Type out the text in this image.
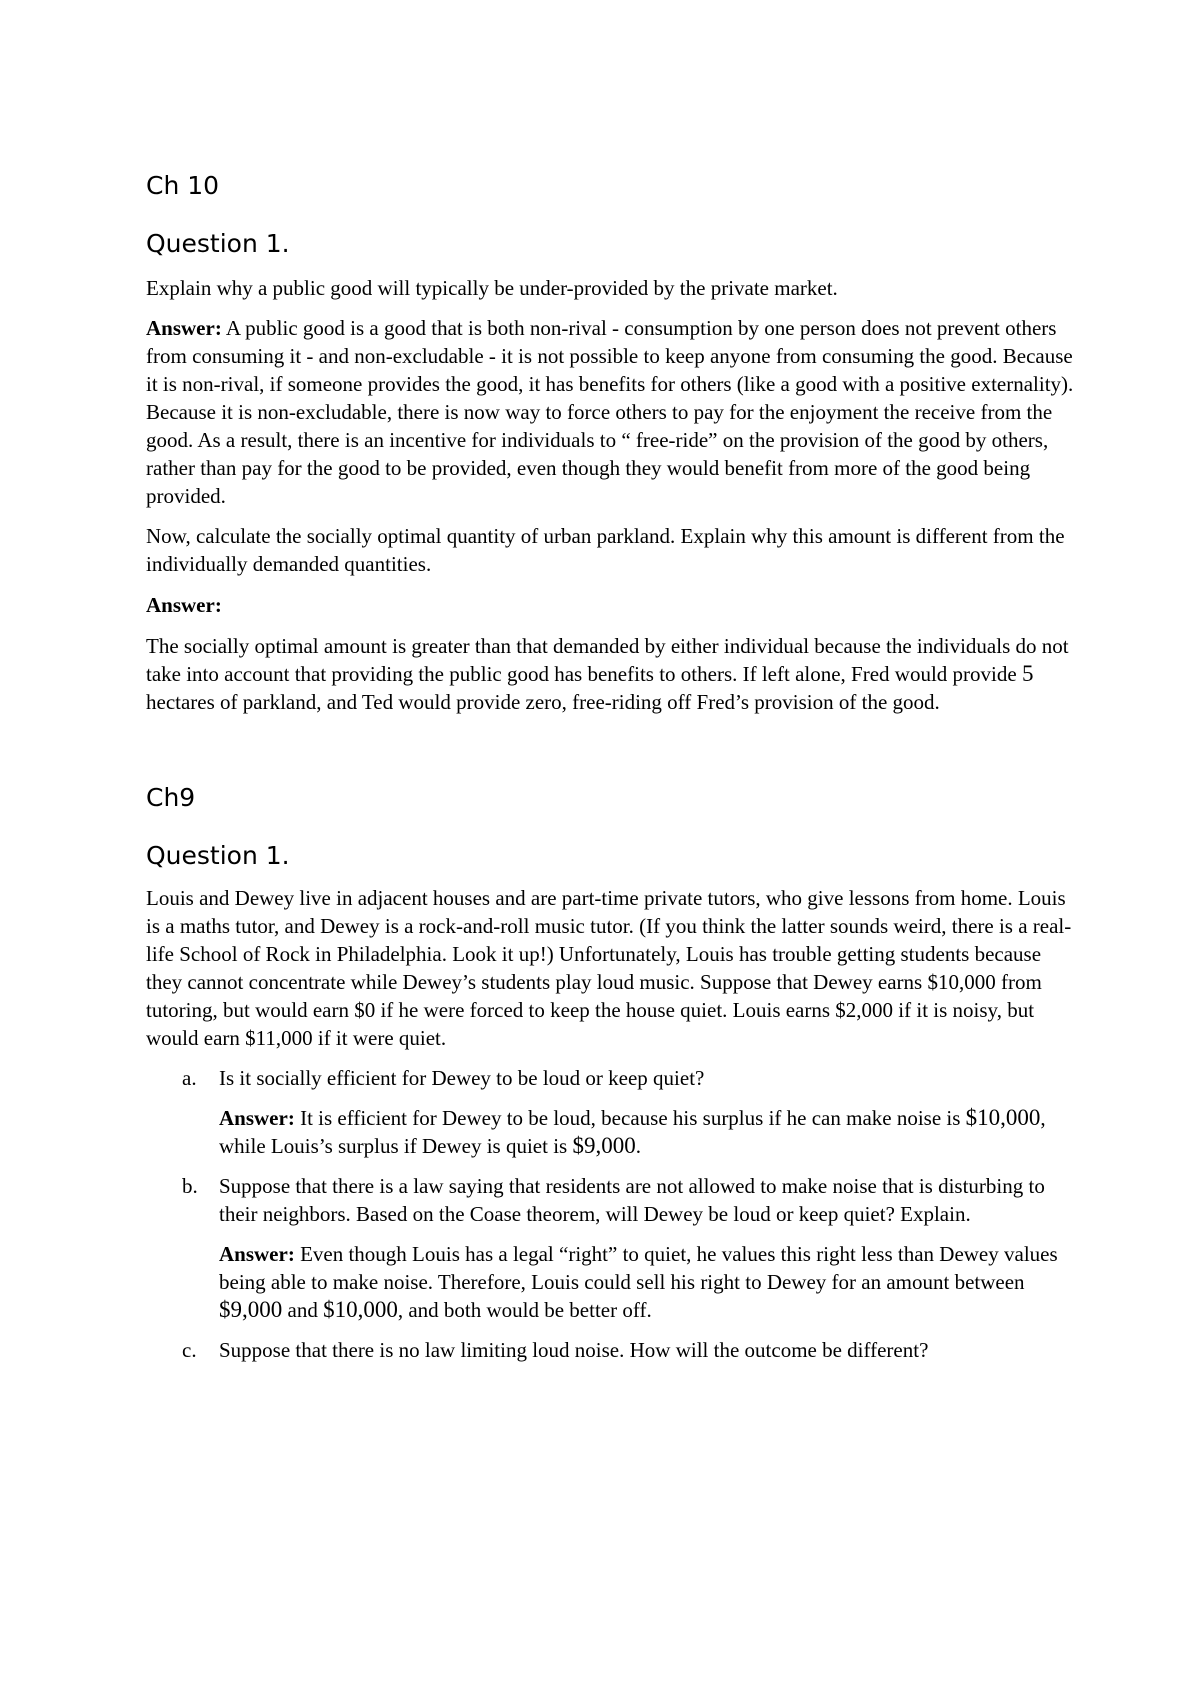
Ch 10
Question 1.

Explain why a public good will typically be under-provided by the private market.

Answer: A public good is a good that is both non-rival - consumption by one person does not prevent others from consuming it - and non-excludable - it is not possible to keep anyone from consuming the good. Because it is non-rival, if someone provides the good, it has benefits for others (like a good with a positive externality). Because it is non-excludable, there is now way to force others to pay for the enjoyment the receive from the good. As a result, there is an incentive for individuals to “ free-ride” on the provision of the good by others, rather than pay for the good to be provided, even though they would benefit from more of the good being provided.

Now, calculate the socially optimal quantity of urban parkland. Explain why this amount is different from the individually demanded quantities.

Answer:

The socially optimal amount is greater than that demanded by either individual because the individuals do not take into account that providing the public good has benefits to others. If left alone, Fred would provide 5 hectares of parkland, and Ted would provide zero, free-riding off Fred’s provision of the good.

Ch9
Question 1.

Louis and Dewey live in adjacent houses and are part-time private tutors, who give lessons from home. Louis is a maths tutor, and Dewey is a rock-and-roll music tutor. (If you think the latter sounds weird, there is a real-life School of Rock in Philadelphia. Look it up!) Unfortunately, Louis has trouble getting students because they cannot concentrate while Dewey’s students play loud music. Suppose that Dewey earns $10,000 from tutoring, but would earn $0 if he were forced to keep the house quiet. Louis earns $2,000 if it is noisy, but would earn $11,000 if it were quiet.

a. Is it socially efficient for Dewey to be loud or keep quiet?

Answer: It is efficient for Dewey to be loud, because his surplus if he can make noise is $10,000, while Louis’s surplus if Dewey is quiet is $9,000.

b. Suppose that there is a law saying that residents are not allowed to make noise that is disturbing to their neighbors. Based on the Coase theorem, will Dewey be loud or keep quiet? Explain.

Answer: Even though Louis has a legal “right” to quiet, he values this right less than Dewey values being able to make noise. Therefore, Louis could sell his right to Dewey for an amount between $9,000 and $10,000, and both would be better off.

c. Suppose that there is no law limiting loud noise. How will the outcome be different?
